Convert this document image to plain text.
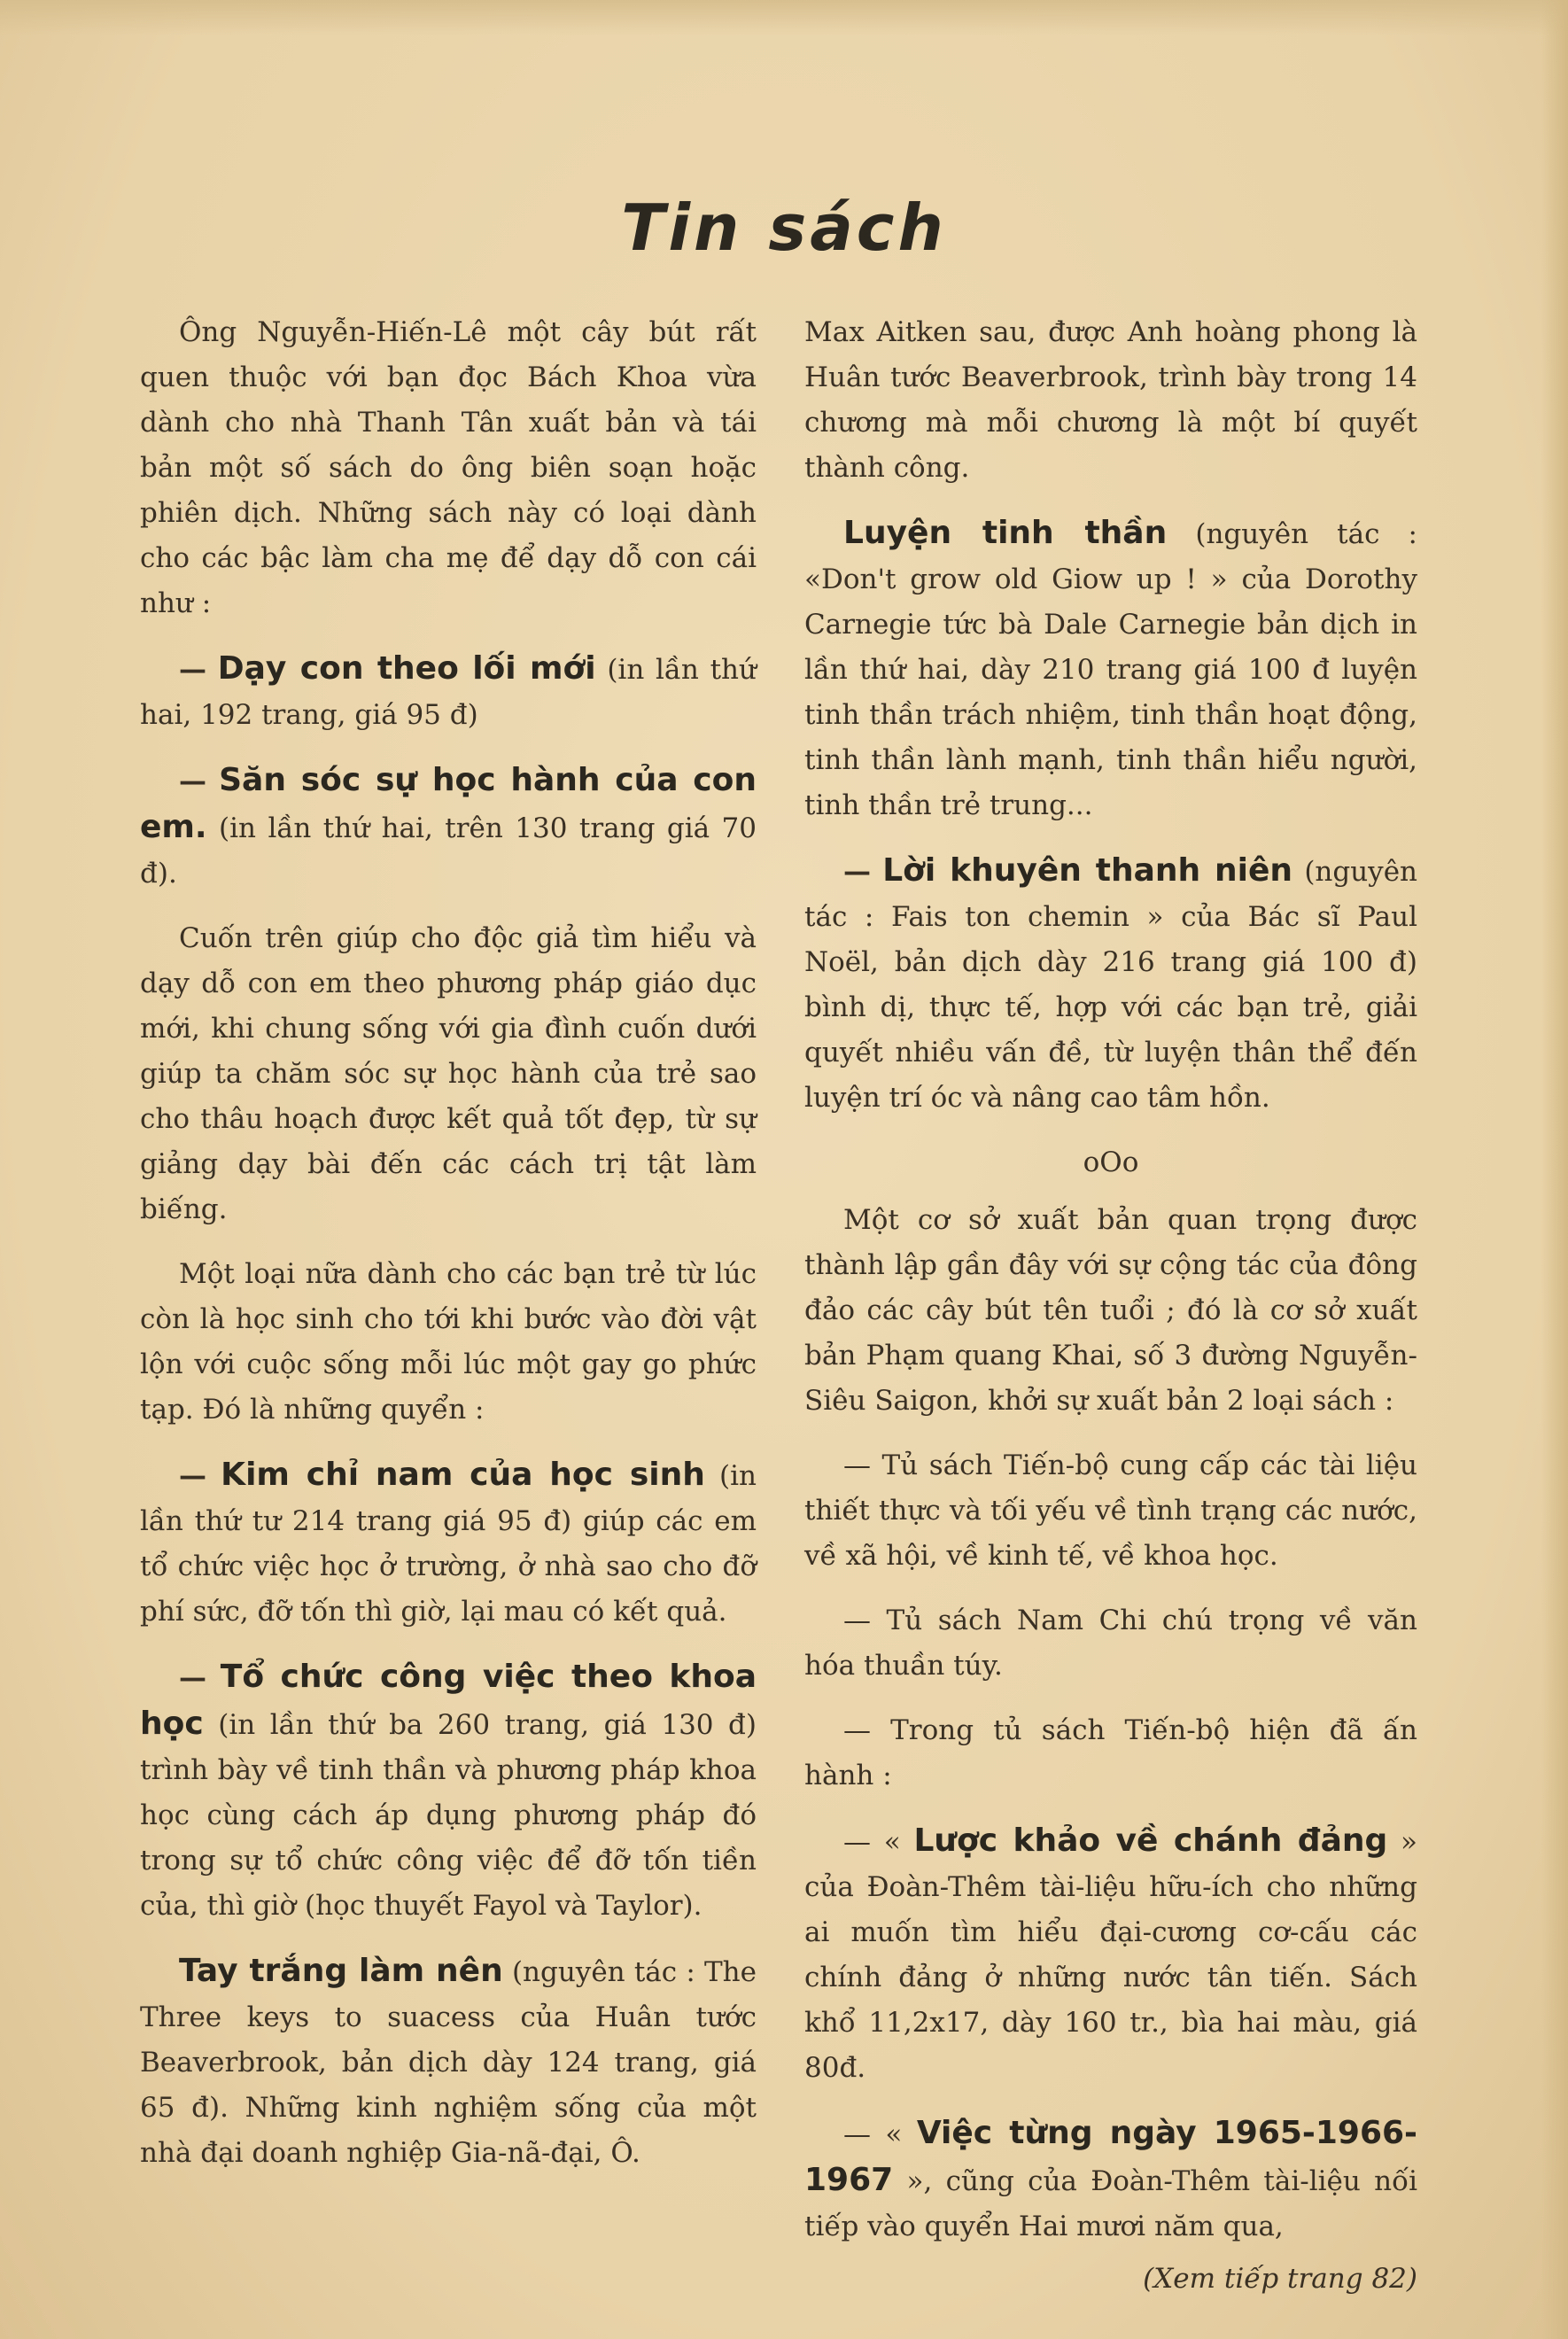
Tin sách

Ông Nguyễn-Hiến-Lê một cây bút rất quen thuộc với bạn đọc Bách Khoa vừa dành cho nhà Thanh Tân xuất bản và tái bản một số sách do ông biên soạn hoặc phiên dịch. Những sách này có loại dành cho các bậc làm cha mẹ để dạy dỗ con cái như :

— Dạy con theo lối mới (in lần thứ hai, 192 trang, giá 95 đ)

— Săn sóc sự học hành của con em. (in lần thứ hai, trên 130 trang giá 70 đ).

Cuốn trên giúp cho độc giả tìm hiểu và dạy dỗ con em theo phương pháp giáo dục mới, khi chung sống với gia đình cuốn dưới giúp ta chăm sóc sự học hành của trẻ sao cho thâu hoạch được kết quả tốt đẹp, từ sự giảng dạy bài đến các cách trị tật làm biếng.

Một loại nữa dành cho các bạn trẻ từ lúc còn là học sinh cho tới khi bước vào đời vật lộn với cuộc sống mỗi lúc một gay go phức tạp. Đó là những quyển :

— Kim chỉ nam của học sinh (in lần thứ tư 214 trang giá 95 đ) giúp các em tổ chức việc học ở trường, ở nhà sao cho đỡ phí sức, đỡ tốn thì giờ, lại mau có kết quả.

— Tổ chức công việc theo khoa học (in lần thứ ba 260 trang, giá 130 đ) trình bày về tinh thần và phương pháp khoa học cùng cách áp dụng phương pháp đó trong sự tổ chức công việc để đỡ tốn tiền của, thì giờ (học thuyết Fayol và Taylor).

Tay trắng làm nên (nguyên tác : The Three keys to suacess của Huân tước Beaverbrook, bản dịch dày 124 trang, giá 65 đ). Những kinh nghiệm sống của một nhà đại doanh nghiệp Gia-nã-đại, Ô.

Max Aitken sau, được Anh hoàng phong là Huân tước Beaverbrook, trình bày trong 14 chương mà mỗi chương là một bí quyết thành công.

Luyện tinh thần (nguyên tác : «Don't grow old Giow up ! » của Dorothy Carnegie tức bà Dale Carnegie bản dịch in lần thứ hai, dày 210 trang giá 100 đ luyện tinh thần trách nhiệm, tinh thần hoạt động, tinh thần lành mạnh, tinh thần hiểu người, tinh thần trẻ trung...

— Lời khuyên thanh niên (nguyên tác : Fais ton chemin » của Bác sĩ Paul Noël, bản dịch dày 216 trang giá 100 đ) bình dị, thực tế, hợp với các bạn trẻ, giải quyết nhiều vấn đề, từ luyện thân thể đến luyện trí óc và nâng cao tâm hồn.

oOo

Một cơ sở xuất bản quan trọng được thành lập gần đây với sự cộng tác của đông đảo các cây bút tên tuổi ; đó là cơ sở xuất bản Phạm quang Khai, số 3 đường Nguyễn-Siêu Saigon, khởi sự xuất bản 2 loại sách :

— Tủ sách Tiến-bộ cung cấp các tài liệu thiết thực và tối yếu về tình trạng các nước, về xã hội, về kinh tế, về khoa học.

— Tủ sách Nam Chi chú trọng về văn hóa thuần túy.

— Trong tủ sách Tiến-bộ hiện đã ấn hành :

— « Lược khảo về chánh đảng » của Đoàn-Thêm tài-liệu hữu-ích cho những ai muốn tìm hiểu đại-cương cơ-cấu các chính đảng ở những nước tân tiến. Sách khổ 11,2x17, dày 160 tr., bìa hai màu, giá 80đ.

— « Việc từng ngày 1965-1966-1967 », cũng của Đoàn-Thêm tài-liệu nối tiếp vào quyển Hai mươi năm qua,

(Xem tiếp trang 82)
